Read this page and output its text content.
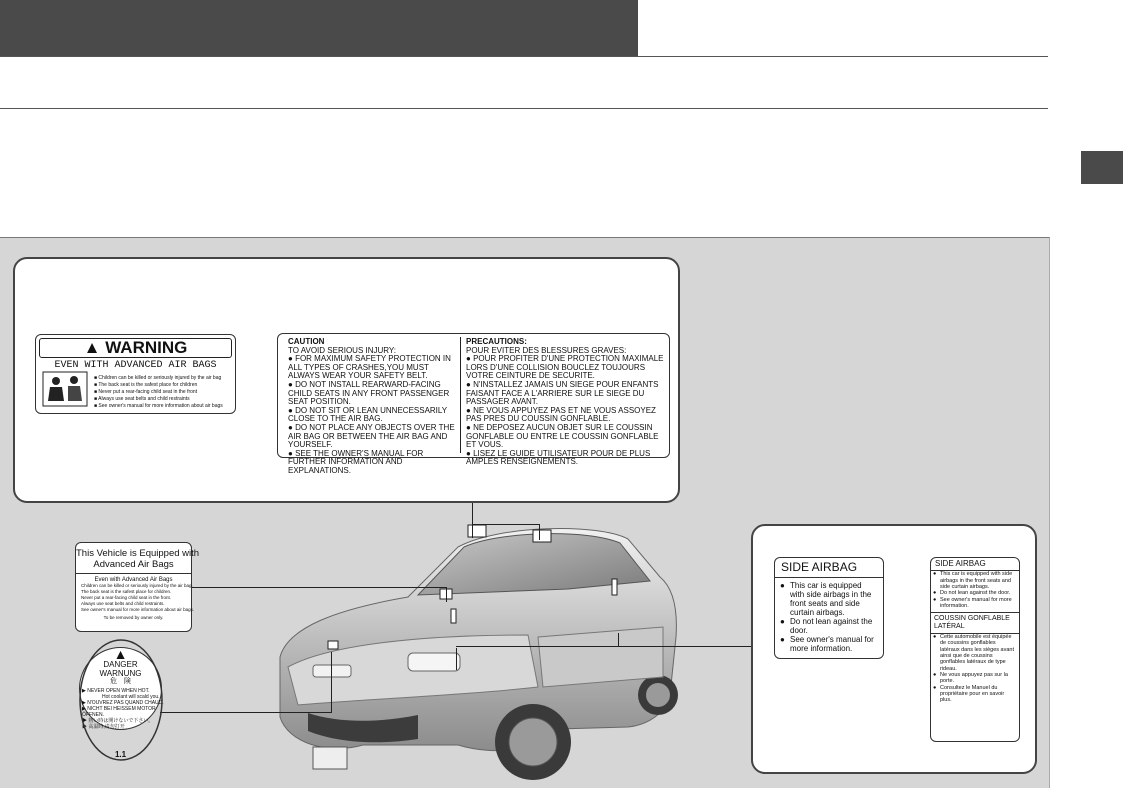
▲ WARNING
EVEN WITH ADVANCED AIR BAGS
■ Children can be killed or seriously injured by the air bag
■ The back seat is the safest place for children
■ Never put a rear-facing child seat in the front
■ Always use seat belts and child restraints
■ See owner's manual for more information about air bags
CAUTION
TO AVOID SERIOUS INJURY:
● FOR MAXIMUM SAFETY PROTECTION IN ALL TYPES OF CRASHES,YOU MUST ALWAYS WEAR YOUR SAFETY BELT.
● DO NOT INSTALL REARWARD-FACING CHILD SEATS IN ANY FRONT PASSENGER SEAT POSITION.
● DO NOT SIT OR LEAN UNNECESSARILY CLOSE TO THE AIR BAG.
● DO NOT PLACE ANY OBJECTS OVER THE AIR BAG OR BETWEEN THE AIR BAG AND YOURSELF.
● SEE THE OWNER'S MANUAL FOR FURTHER INFORMATION AND EXPLANATIONS.
PRECAUTIONS:
POUR EVITER DES BLESSURES GRAVES:
● POUR PROFITER D'UNE PROTECTION MAXIMALE LORS D'UNE COLLISION BOUCLEZ TOUJOURS VOTRE CEINTURE DE SECURITE.
● N'INSTALLEZ JAMAIS UN SIEGE POUR ENFANTS FAISANT FACE A L'ARRIERE SUR LE SIEGE DU PASSAGER AVANT.
● NE VOUS APPUYEZ PAS ET NE VOUS ASSOYEZ PAS PRES DU COUSSIN GONFLABLE.
● NE DEPOSEZ AUCUN OBJET SUR LE COUSSIN GONFLABLE OU ENTRE LE COUSSIN GONFLABLE ET VOUS.
● LISEZ LE GUIDE UTILISATEUR POUR DE PLUS AMPLES RENSEIGNEMENTS.
This Vehicle is Equipped with
Advanced Air Bags
Even with Advanced Air Bags
Children can be killed or seriously injured by the air bag.
The back seat is the safest place for children.
Never put a rear-facing child seat in the front.
Always use seat belts and child restraints.
See owner's manual for more information about air bags.
To be removed by owner only.
▲
DANGER
WARNUNG
危　険
▶ NEVER OPEN WHEN HOT.
Hot coolant will scald you.
▶ N'OUVREZ PAS QUAND CHAUD.
▶ NICHT BEI HEISSEM MOTOR ÖFFNEN.
▶ 熱い時は開けないで下さい。
▶ 高温時,请勿打开
1.1
SIDE AIRBAG
● This car is equipped with side airbags in the front seats and side curtain airbags.
● Do not lean against the door.
● See owner's manual for more information.
SIDE AIRBAG
● This car is equipped with side airbags in the front seats and side curtain airbags.
● Do not lean against the door.
● See owner's manual for more information.
COUSSIN GONFLABLE
LATÉRAL
● Cette automobile est équipée de coussins gonflables latéraux dans les sièges avant ainsi que de coussins gonflables latéraux de type rideau.
● Ne vous appuyez pas sur la porte.
● Consultez le Manuel du propriétaire pour en savoir plus.
